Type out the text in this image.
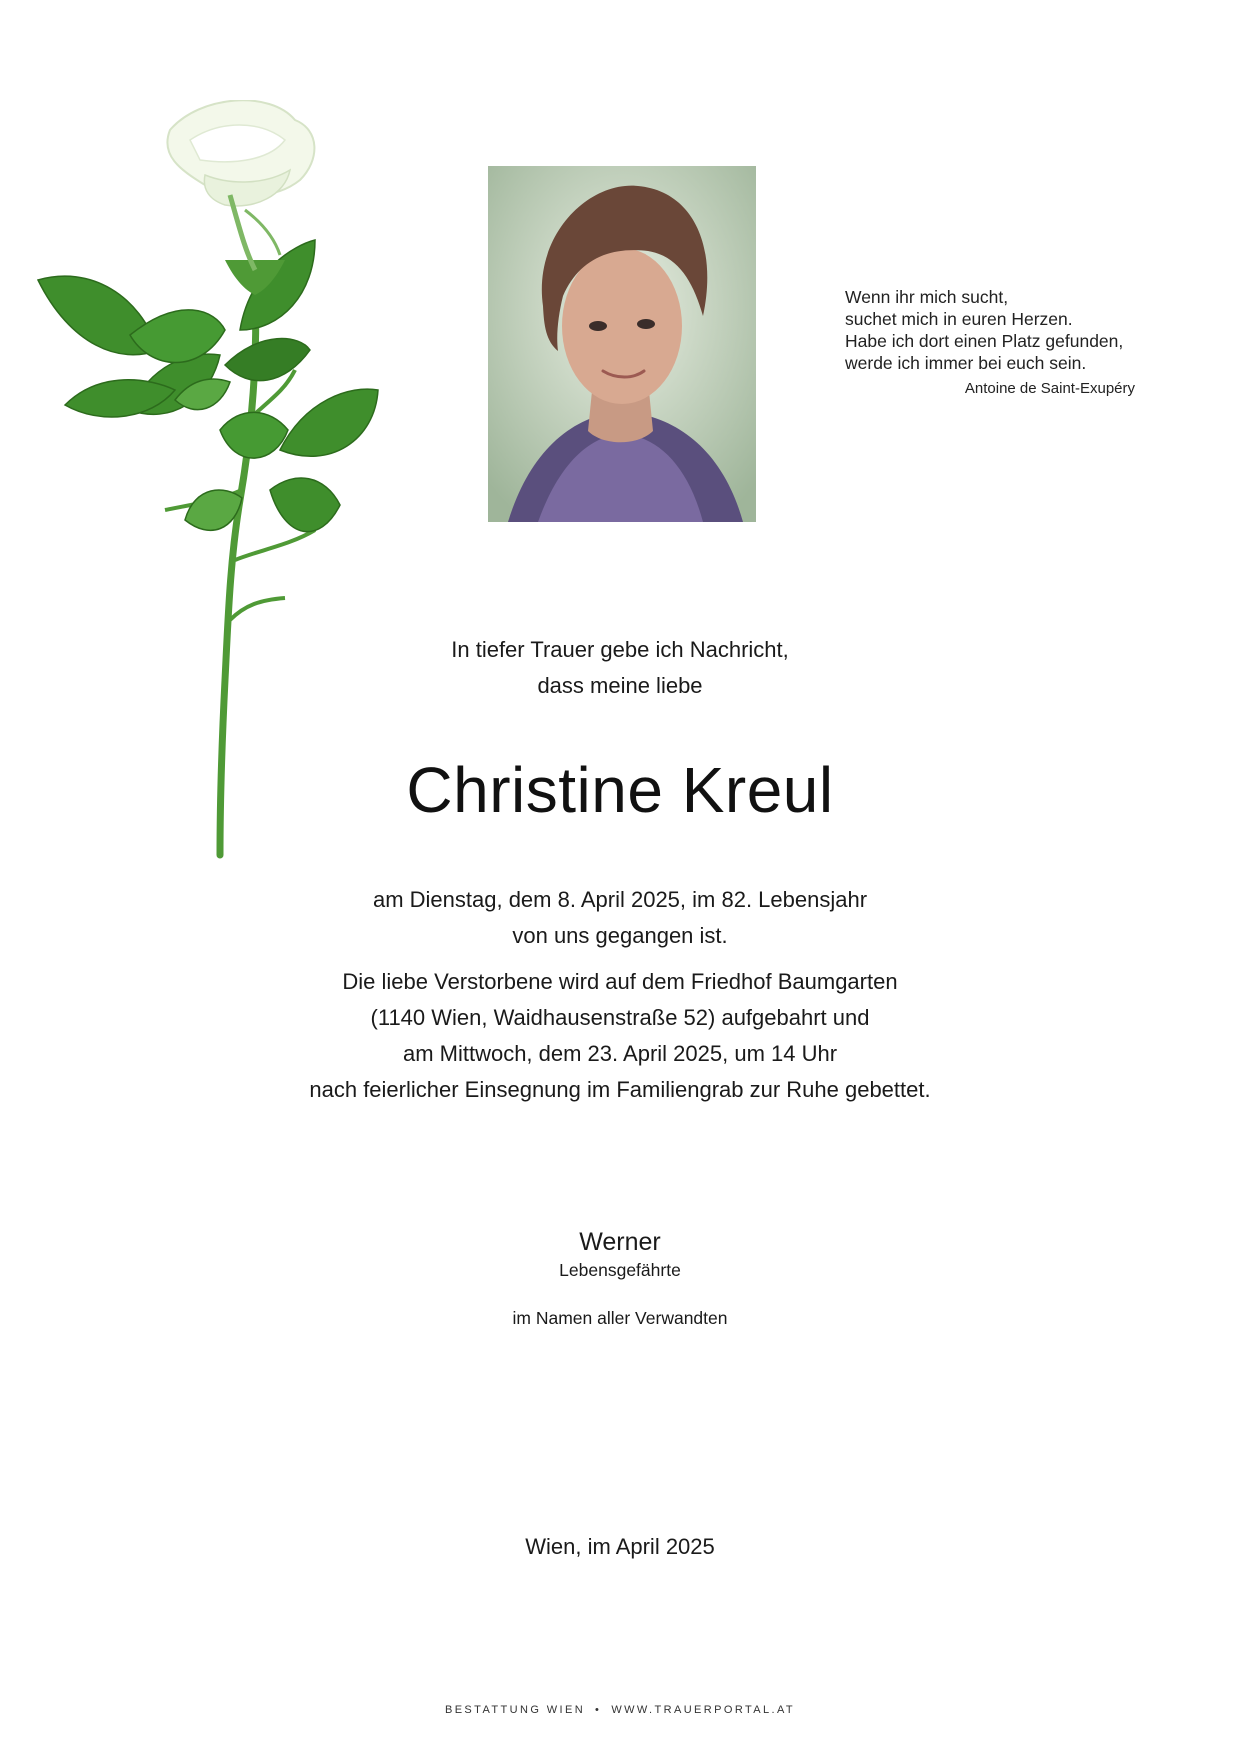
Wenn ihr mich sucht,
suchet mich in euren Herzen.
Habe ich dort einen Platz gefunden,
werde ich immer bei euch sein.
Antoine de Saint-Exupéry
In tiefer Trauer gebe ich Nachricht,
dass meine liebe
Christine Kreul
am Dienstag, dem 8. April 2025, im 82. Lebensjahr
von uns gegangen ist.
Die liebe Verstorbene wird auf dem Friedhof Baumgarten
(1140 Wien, Waidhausenstraße 52) aufgebahrt und
am Mittwoch, dem 23. April 2025, um 14 Uhr
nach feierlicher Einsegnung im Familiengrab zur Ruhe gebettet.
Werner
Lebensgefährte
im Namen aller Verwandten
Wien, im April 2025
BESTATTUNG WIEN • WWW.TRAUERPORTAL.AT
